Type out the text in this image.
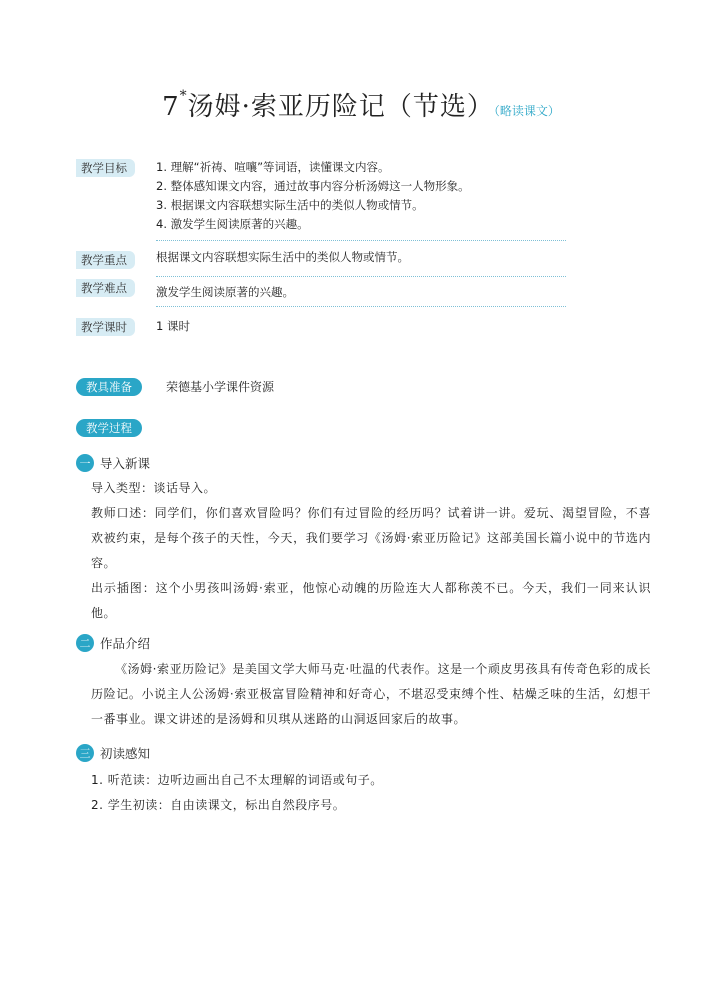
7*汤姆·索亚历险记（节选）（略读课文）
教学目标	1. 理解“祈祷、喧嚷”等词语，读懂课文内容。
2. 整体感知课文内容，通过故事内容分析汤姆这一人物形象。
3. 根据课文内容联想实际生活中的类似人物或情节。
4. 激发学生阅读原著的兴趣。
教学重点	根据课文内容联想实际生活中的类似人物或情节。
教学难点	激发学生阅读原著的兴趣。
教学课时	1 课时
教具准备	荣德基小学课件资源
教学过程
一 导入新课

导入类型：谈话导入。

教师口述：同学们，你们喜欢冒险吗？你们有过冒险的经历吗？试着讲一讲。爱玩、渴望冒险，不喜欢被约束，是每个孩子的天性，今天，我们要学习《汤姆·索亚历险记》这部美国长篇小说中的节选内容。

出示插图：这个小男孩叫汤姆·索亚，他惊心动魄的历险连大人都称羡不已。今天，我们一同来认识他。

二 作品介绍

《汤姆·索亚历险记》是美国文学大师马克·吐温的代表作。这是一个顽皮男孩具有传奇色彩的成长历险记。小说主人公汤姆·索亚极富冒险精神和好奇心，不堪忍受束缚个性、枯燥乏味的生活，幻想干一番事业。课文讲述的是汤姆和贝琪从迷路的山洞返回家后的故事。

三 初读感知

1. 听范读：边听边画出自己不太理解的词语或句子。

2. 学生初读：自由读课文，标出自然段序号。
